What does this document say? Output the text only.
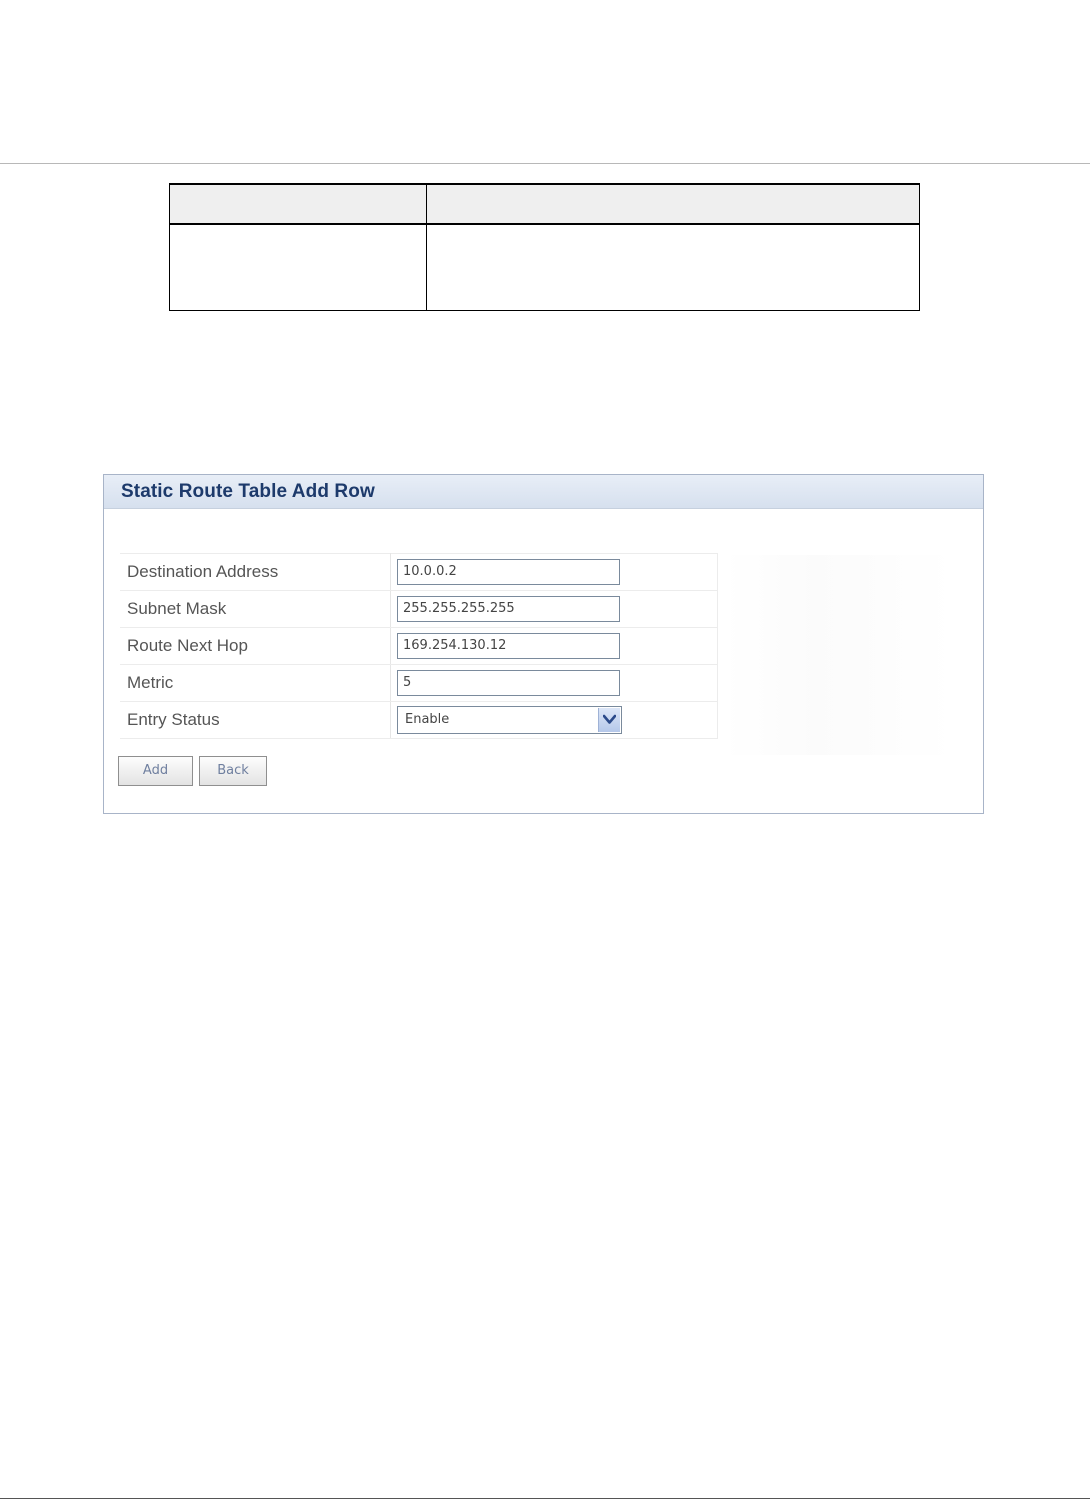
Static Route Table Add Row
Destination Address	10.0.0.2

Subnet Mask	255.255.255.255

Route Next Hop	169.254.130.12

Metric	5

Entry Status	Enable
Add	Back
